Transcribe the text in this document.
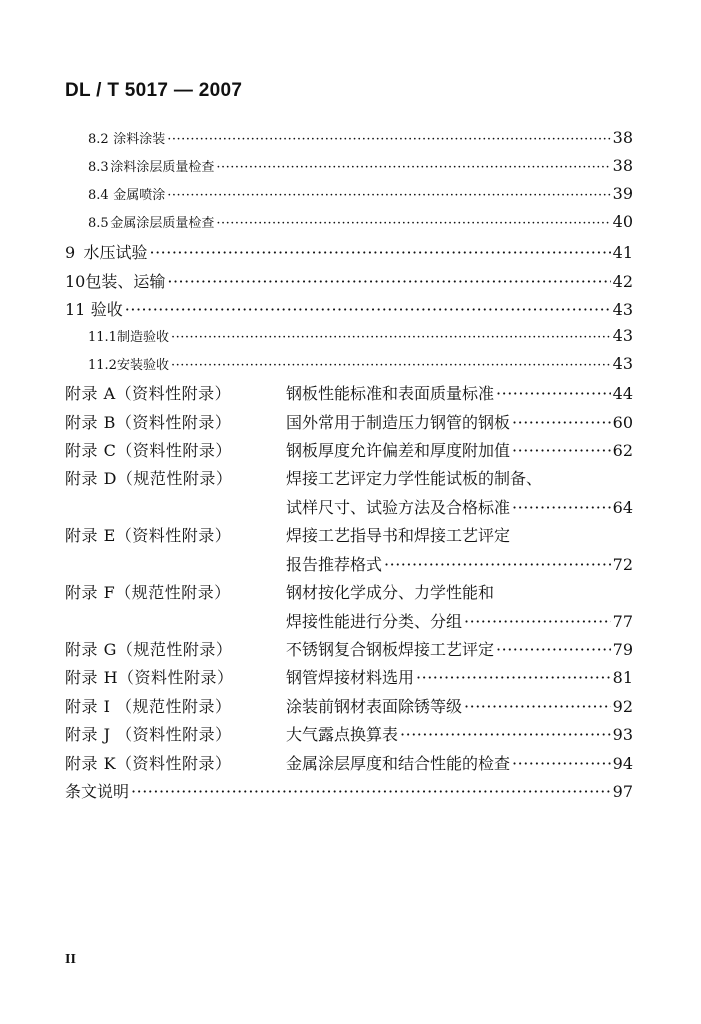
DL / T 5017 — 2007
8.2 涂料涂装 ·····	38
8.3 涂料涂层质量检查 ·····	38
8.4 金属喷涂 ·····	39
8.5 金属涂层质量检查 ·····	40
9 水压试验 ·····	41
10 包装、运输 ·····	42
11 验收 ·····	43
11.1 制造验收 ·····	43
11.2 安装验收 ·····	43
附录 A（资料性附录）	钢板性能标准和表面质量标准 ·····	44
附录 B（资料性附录）	国外常用于制造压力钢管的钢板 ·····	60
附录 C（资料性附录）	钢板厚度允许偏差和厚度附加值 ·····	62
附录 D（规范性附录）	焊接工艺评定力学性能试板的制备、
试样尺寸、试验方法及合格标准 ·····	64
附录 E（资料性附录）	焊接工艺指导书和焊接工艺评定
报告推荐格式 ·····	72
附录 F（规范性附录）	钢材按化学成分、力学性能和
焊接性能进行分类、分组 ·····	77
附录 G（规范性附录）	不锈钢复合钢板焊接工艺评定 ·····	79
附录 H（资料性附录）	钢管焊接材料选用 ·····	81
附录 I （规范性附录）	涂装前钢材表面除锈等级 ·····	92
附录 J （资料性附录）	大气露点换算表 ·····	93
附录 K（资料性附录）	金属涂层厚度和结合性能的检查 ·····	94
条文说明 ·····	97
II
